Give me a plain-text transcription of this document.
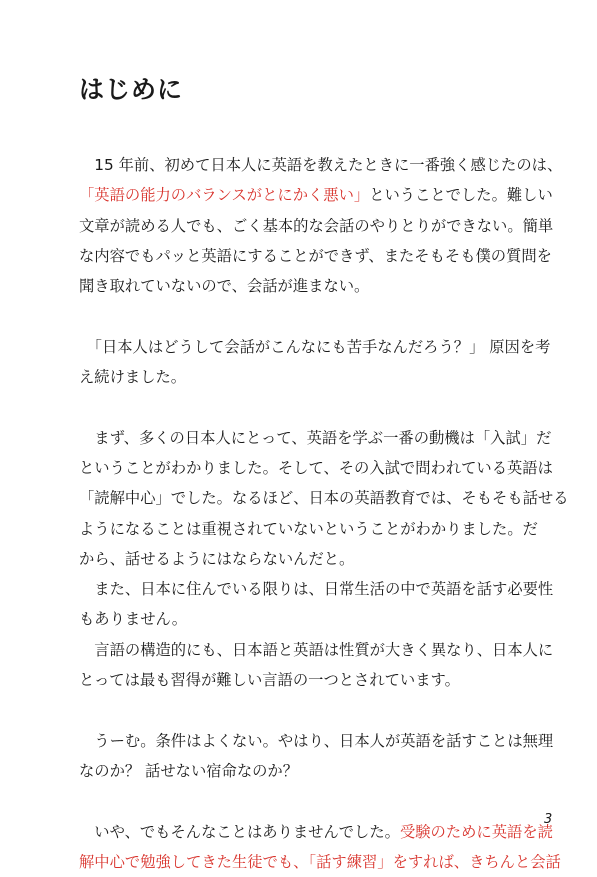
はじめに
　15 年前、初めて日本人に英語を教えたときに一番強く感じたのは、
「英語の能力のバランスがとにかく悪い」ということでした。難しい
文章が読める人でも、ごく基本的な会話のやりとりができない。簡単
な内容でもパッと英語にすることができず、またそもそも僕の質問を
聞き取れていないので、会話が進まない。
　「日本人はどうして会話がこんなにも苦手なんだろう？」 原因を考
え続けました。
　まず、多くの日本人にとって、英語を学ぶ一番の動機は「入試」だ
ということがわかりました。そして、その入試で問われている英語は
「読解中心」でした。なるほど、日本の英語教育では、そもそも話せる
ようになることは重視されていないということがわかりました。だ
から、話せるようにはならないんだと。
　また、日本に住んでいる限りは、日常生活の中で英語を話す必要性
もありません。
　言語の構造的にも、日本語と英語は性質が大きく異なり、日本人に
とっては最も習得が難しい言語の一つとされています。
　うーむ。条件はよくない。やはり、日本人が英語を話すことは無理
なのか？ 話せない宿命なのか？
　いや、でもそんなことはありませんでした。受験のために英語を読
解中心で勉強してきた生徒でも、「話す練習」をすれば、きちんと会話
3
